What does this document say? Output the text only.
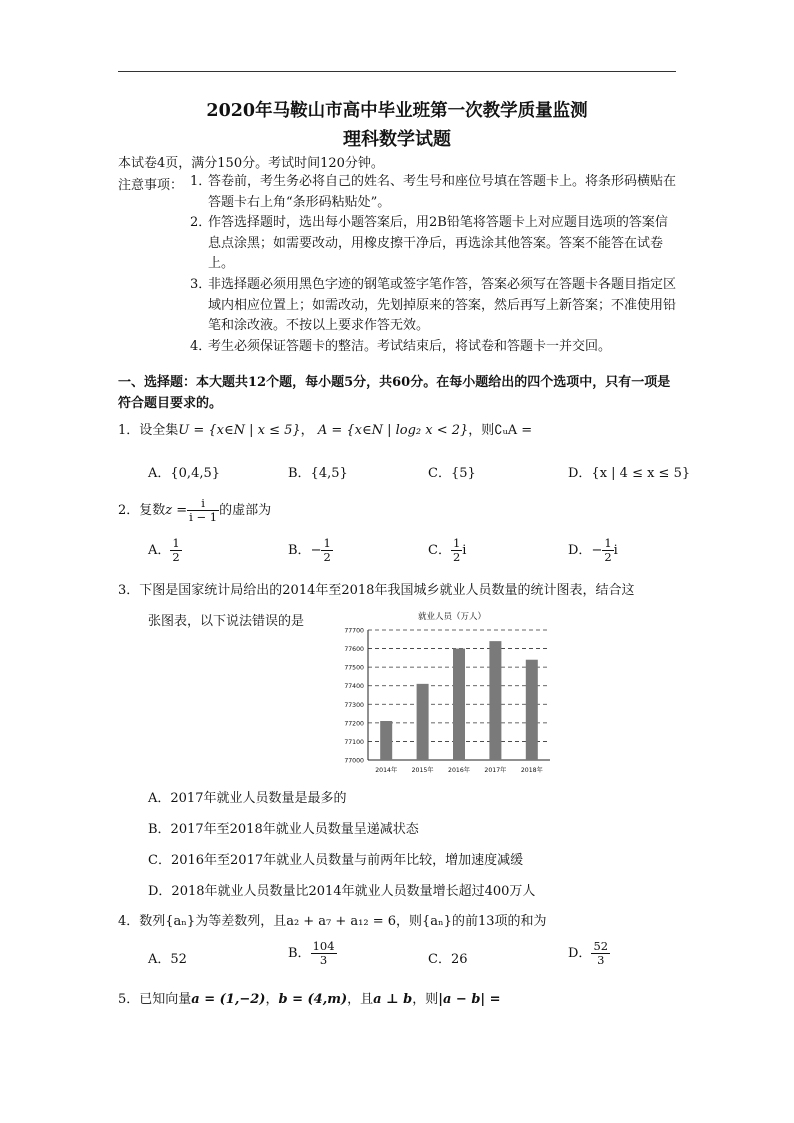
2020年马鞍山市高中毕业班第一次教学质量监测
理科数学试题
本试卷4页，满分150分。考试时间120分钟。
注意事项： 1．
答卷前，考生务必将自己的姓名、考生号和座位号填在答题卡上。将条形码横贴在答题卡右上角“条形码粘贴处”。
2．
作答选择题时，选出每小题答案后，用2B铅笔将答题卡上对应题目选项的答案信息点涂黑；如需要改动，用橡皮擦干净后，再选涂其他答案。答案不能答在试卷上。
3．
非选择题必须用黑色字迹的钢笔或签字笔作答，答案必须写在答题卡各题目指定区域内相应位置上；如需改动，先划掉原来的答案，然后再写上新答案；不准使用铅笔和涂改液。不按以上要求作答无效。
4．
考生必须保证答题卡的整洁。考试结束后，将试卷和答题卡一并交回。
一、选择题：本大题共12个题，每小题5分，共60分。在每小题给出的四个选项中，只有一项是符合题目要求的。
1．设全集U = {x∈N | x ≤ 5}， A = {x∈N | log₂ x < 2}，则∁ᵤA =
A．{0,4,5}	B．{4,5}	C．{5}	D．{x | 4 ≤ x ≤ 5}
2．复数$z = \frac{i}{i - 1}$ 的虚部为
A． $\frac{1}{2}$	B．− $\frac{1}{2}$	C． $\frac{1}{2}$ i	D．− $\frac{1}{2}$ i
3．下图是国家统计局给出的2014年至2018年我国城乡就业人员数量的统计图表，结合这
张图表，以下说法错误的是	就业人员（万人）
77000
77100
77200
77300
77400
77500
77600
77700
2014年 2015年 2016年 2017年 2018年
A．2017年就业人员数量是最多的
B．2017年至2018年就业人员数量呈递减状态
C．2016年至2017年就业人员数量与前两年比较，增加速度减缓
D．2018年就业人员数量比2014年就业人员数量增长超过400万人
4．数列{aₙ}为等差数列，且a₂ + a₇ + a₁₂ = 6，则{aₙ}的前13项的和为
A．52	B． $\frac{104}{3}$	C．26	D． $\frac{52}{3}$
5．已知向量a = (1,−2)，b = (4,m)，且a ⊥ b，则|a − b| =
